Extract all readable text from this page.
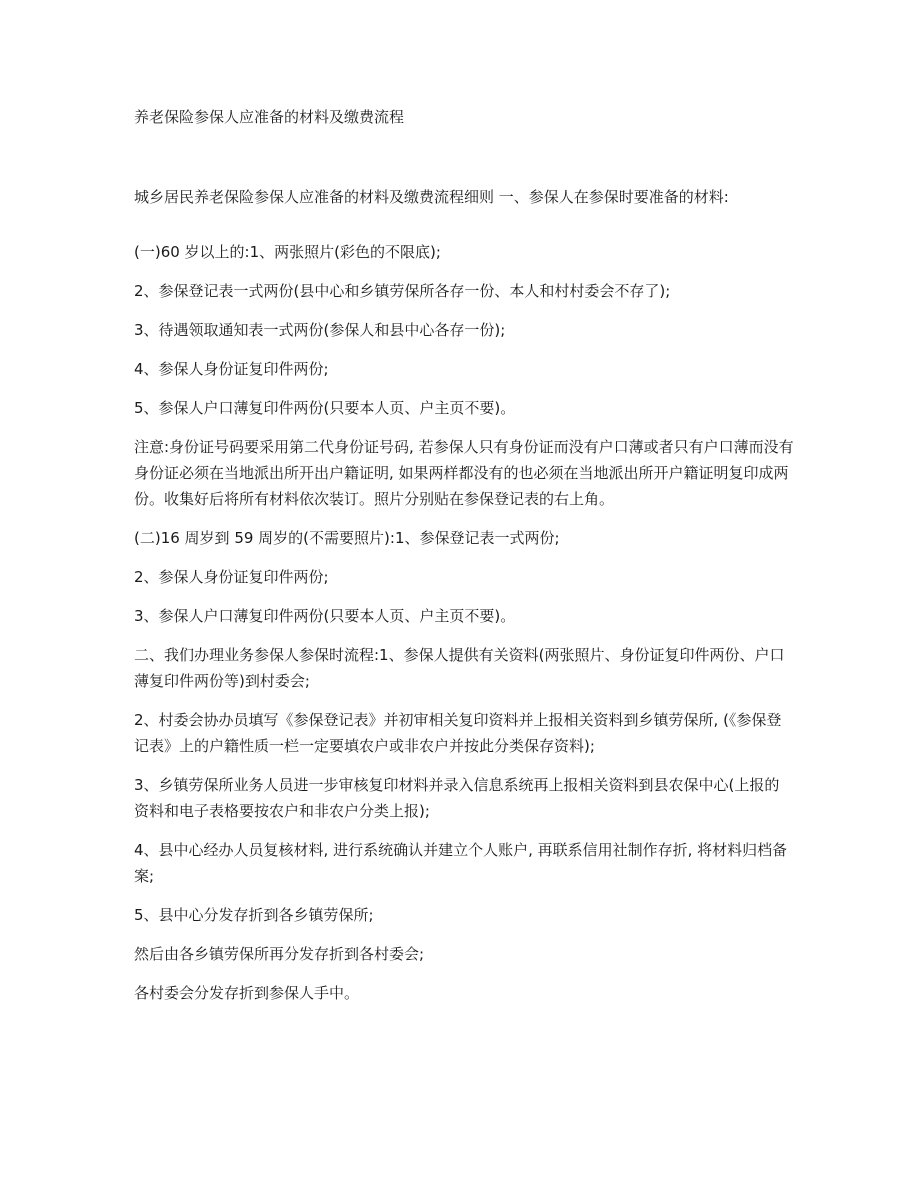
养老保险参保人应准备的材料及缴费流程

城乡居民养老保险参保人应准备的材料及缴费流程细则 一、参保人在参保时要准备的材料:

(一)60 岁以上的:1、两张照片(彩色的不限底);

2、参保登记表一式两份(县中心和乡镇劳保所各存一份、本人和村村委会不存了);

3、待遇领取通知表一式两份(参保人和县中心各存一份);

4、参保人身份证复印件两份;

5、参保人户口薄复印件两份(只要本人页、户主页不要)。

注意:身份证号码要采用第二代身份证号码, 若参保人只有身份证而没有户口薄或者只有户口薄而没有身份证必须在当地派出所开出户籍证明, 如果两样都没有的也必须在当地派出所开户籍证明复印成两份。收集好后将所有材料依次装订。照片分别贴在参保登记表的右上角。

(二)16 周岁到 59 周岁的(不需要照片):1、参保登记表一式两份;

2、参保人身份证复印件两份;

3、参保人户口薄复印件两份(只要本人页、户主页不要)。

二、我们办理业务参保人参保时流程:1、参保人提供有关资料(两张照片、身份证复印件两份、户口薄复印件两份等)到村委会;

2、村委会协办员填写《参保登记表》并初审相关复印资料并上报相关资料到乡镇劳保所, (《参保登记表》上的户籍性质一栏一定要填农户或非农户并按此分类保存资料);

3、乡镇劳保所业务人员进一步审核复印材料并录入信息系统再上报相关资料到县农保中心(上报的资料和电子表格要按农户和非农户分类上报);

4、县中心经办人员复核材料, 进行系统确认并建立个人账户, 再联系信用社制作存折, 将材料归档备案;

5、县中心分发存折到各乡镇劳保所;

然后由各乡镇劳保所再分发存折到各村委会;

各村委会分发存折到参保人手中。
